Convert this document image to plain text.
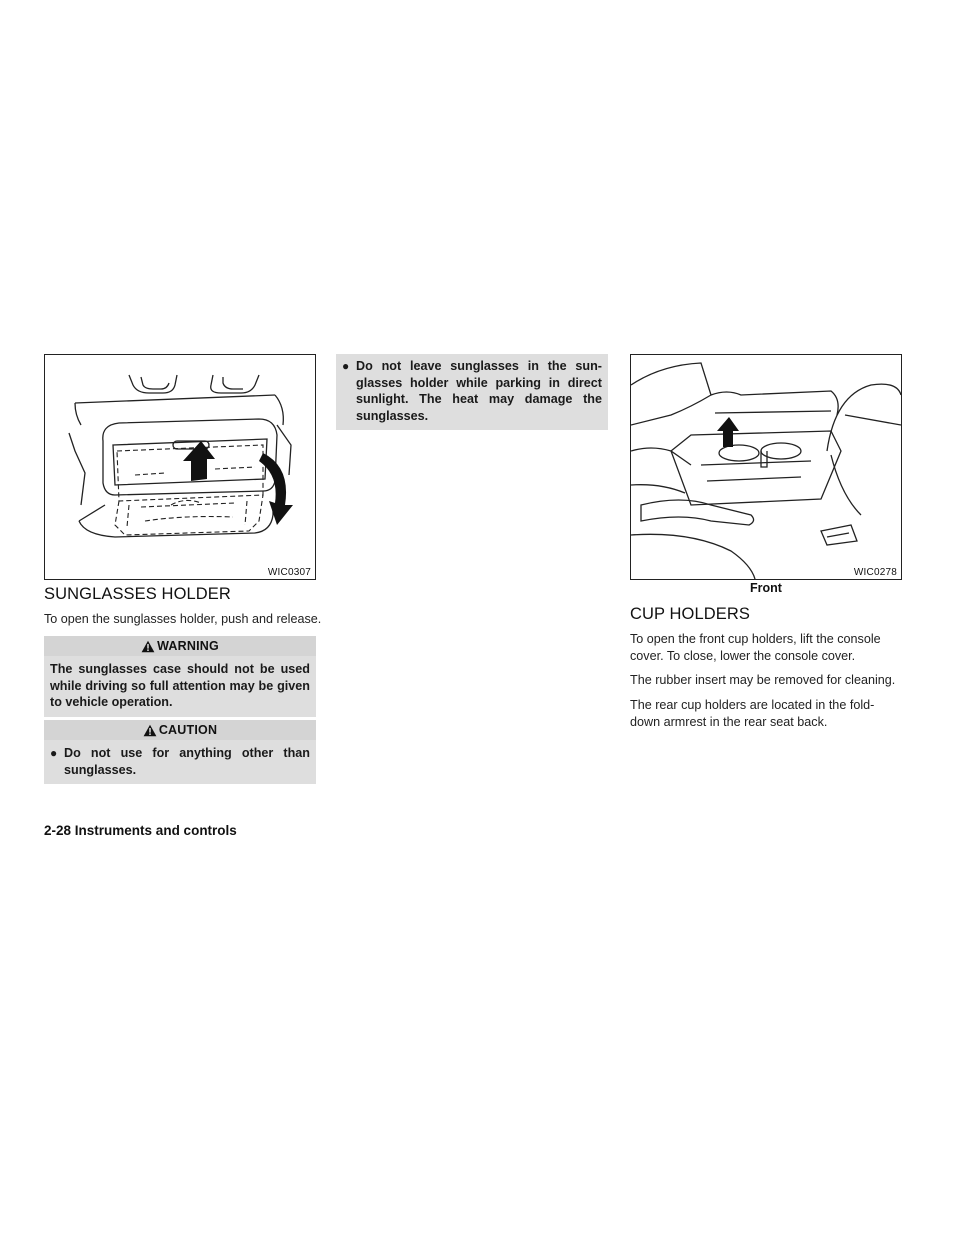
WIC0307
SUNGLASSES HOLDER

To open the sunglasses holder, push and release.

WARNING
The sunglasses case should not be used while driving so full attention may be given to vehicle operation.
CAUTION
● Do not use for anything other than sunglasses.
● Do not leave sunglasses in the sun- glasses holder while parking in direct sunlight. The heat may damage the sunglasses.
WIC0278
Front
CUP HOLDERS

To open the front cup holders, lift the console cover. To close, lower the console cover.

The rubber insert may be removed for cleaning.

The rear cup holders are located in the fold-down armrest in the rear seat back.

2-28 Instruments and controls
